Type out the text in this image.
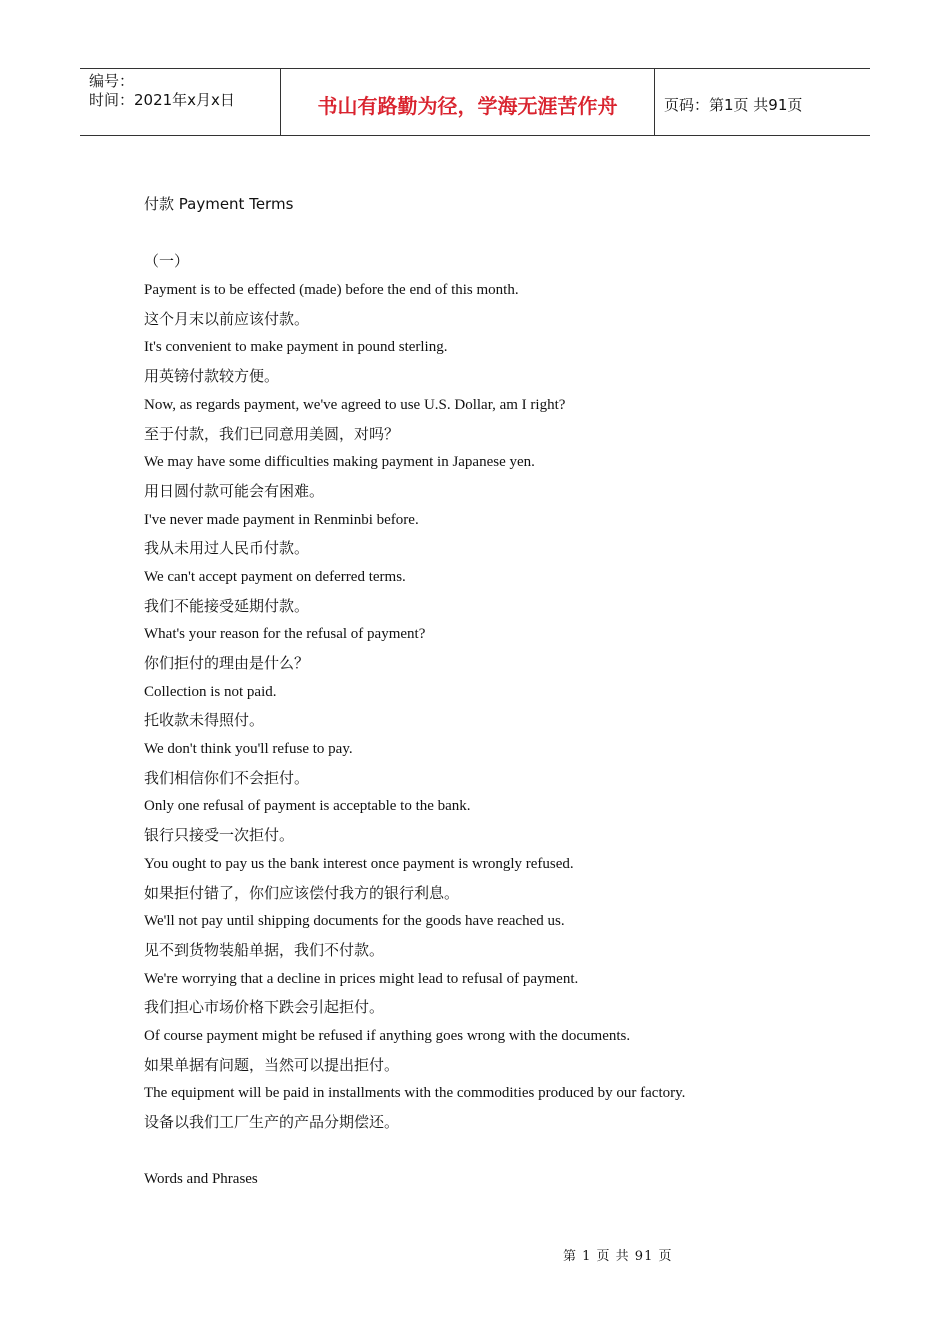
编号：
时间：2021年x月x日	书山有路勤为径，学海无涯苦作舟	页码：第1页 共91页
付款 Payment Terms
（一）
Payment is to be effected (made) before the end of this month.
这个月末以前应该付款。
It's convenient to make payment in pound sterling.
用英镑付款较方便。
Now, as regards payment, we've agreed to use U.S. Dollar, am I right?
至于付款，我们已同意用美圆，对吗？
We may have some difficulties making payment in Japanese yen.
用日圆付款可能会有困难。
I've never made payment in Renminbi before.
我从未用过人民币付款。
We can't accept payment on deferred terms.
我们不能接受延期付款。
What's your reason for the refusal of payment?
你们拒付的理由是什么？
Collection is not paid.
托收款未得照付。
We don't think you'll refuse to pay.
我们相信你们不会拒付。
Only one refusal of payment is acceptable to the bank.
银行只接受一次拒付。
You ought to pay us the bank interest once payment is wrongly refused.
如果拒付错了，你们应该偿付我方的银行利息。
We'll not pay until shipping documents for the goods have reached us.
见不到货物装船单据，我们不付款。
We're worrying that a decline in prices might lead to refusal of payment.
我们担心市场价格下跌会引起拒付。
Of course payment might be refused if anything goes wrong with the documents.
如果单据有问题，当然可以提出拒付。
The equipment will be paid in installments with the commodities produced by our factory.
设备以我们工厂生产的产品分期偿还。
Words and Phrases
第 1 页 共 91 页
